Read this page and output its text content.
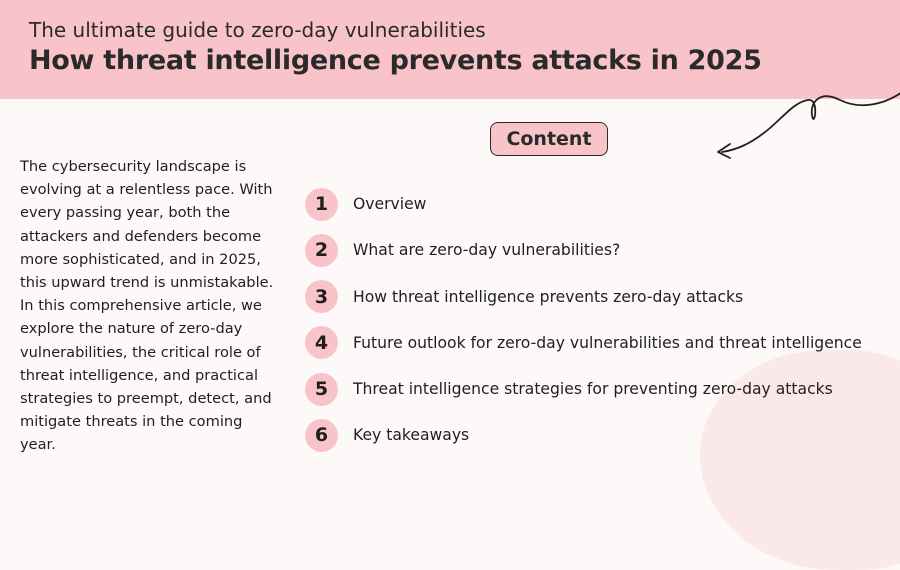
The ultimate guide to zero-day vulnerabilities
How threat intelligence prevents attacks in 2025
Content
The cybersecurity landscape is evolving at a relentless pace. With every passing year, both the attackers and defenders become more sophisticated, and in 2025, this upward trend is unmistakable. In this comprehensive article, we explore the nature of zero-day vulnerabilities, the critical role of threat intelligence, and practical strategies to preempt, detect, and mitigate threats in the coming year.
1	Overview
2	What are zero-day vulnerabilities?
3	How threat intelligence prevents zero-day attacks
4	Future outlook for zero-day vulnerabilities and threat intelligence
5	Threat intelligence strategies for preventing zero-day attacks
6	Key takeaways
